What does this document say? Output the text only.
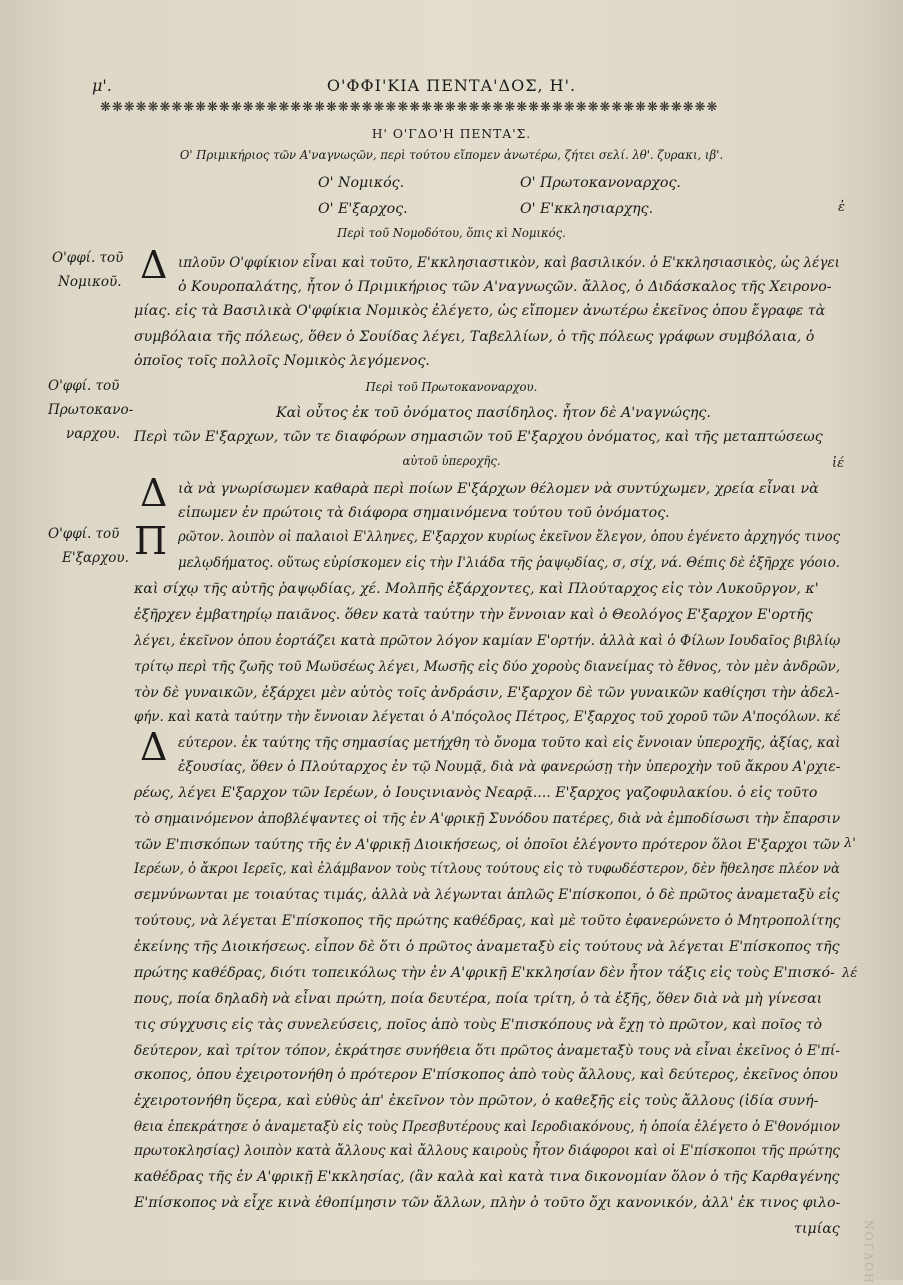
μ'.	Ο'ΦΦΙ'ΚΙΑ ΠΕΝΤΑ'ΔΟΣ, Η'.
❋❋❋❋❋❋❋❋❋❋❋❋❋❋❋❋❋❋❋❋❋❋❋❋❋❋❋❋❋❋❋❋❋❋❋❋❋❋❋❋❋❋❋❋❋❋❋❋❋❋❋❋
Η' Ο'ΓΔΟ'Η ΠΕΝΤΑ'Σ.
Ο' Πριμικήριος τῶν Α'ναγνωςῶν, περὶ τούτου εἴπομεν ἀνωτέρω, ζήτει σελί. λθ'. ζυρακι, ιβ'.
Ο' Νομικός.	Ο' Πρωτοκανοναρχος.
Ο' Ε'ξαρχος.	Ο' Ε'κκλησιαρχης.	ἐ
Περὶ τοῦ Νομοδότου, ὅπις κὶ Νομικός.
Ο'φφί. τοῦ
Νομικοῦ. Δ ιπλοῦν Ο'φφίκιον εἶναι καὶ τοῦτο, Ε'κκλησιαστικὸν, καὶ βασιλικόν. ὁ Ε'κκλησιασικὸς, ὡς λέγει
ὁ Κουροπαλάτης, ἦτον ὁ Πριμικήριος τῶν Α'ναγνωςῶν. ἄλλος, ὁ Διδάσκαλος τῆς Χειρονο-
μίας. εἰς τὰ Βασιλικὰ Ο'φφίκια Νομικὸς ἐλέγετο, ὡς εἴπομεν ἀνωτέρω ἐκεῖνος ὁπου ἔγραφε τὰ
συμβόλαια τῆς πόλεως, ὅθεν ὁ Σουίδας λέγει, Ταβελλίων, ὁ τῆς πόλεως γράφων συμβόλαια, ὁ
ὁποῖος τοῖς πολλοῖς Νομικὸς λεγόμενος.
Ο'φφί. τοῦ
Πρωτοκανο-
ναρχου.
Περὶ τοῦ Πρωτοκανοναρχου.
Καὶ οὗτος ἐκ τοῦ ὀνόματος πασίδηλος. ἦτον δὲ Α'ναγνώςης.
Περὶ τῶν Ε'ξαρχων, τῶν τε διαφόρων σημασιῶν τοῦ Ε'ξαρχου ὀνόματος, καὶ τῆς μεταπτώσεως
αὐτοῦ ὑπεροχῆς.	ἰέ
Δ ιὰ νὰ γνωρίσωμεν καθαρὰ περὶ ποίων Ε'ξάρχων θέλομεν νὰ συντύχωμεν, χρεία εἶναι νὰ
εἰπωμεν ἐν πρώτοις τὰ διάφορα σημαινόμενα τούτου τοῦ ὀνόματος.
Ο'φφί. τοῦ
Ε'ξαρχου. Π ρῶτον. λοιπὸν οἱ παλαιοὶ Ε'λληνες, Ε'ξαρχον κυρίως ἐκεῖνον ἔλεγον, ὁπου ἐγένετο ἀρχηγός τινος
μελῳδήματος. οὕτως εὑρίσκομεν εἰς τὴν Ι'λιάδα τῆς ῥαψῳδίας, σ, σίχ, νά. Θέπις δὲ ἐξῆρχε γόοιο.
καὶ σίχῳ τῆς αὐτῆς ῥαψῳδίας, χέ. Μολπῆς ἐξάρχοντες, καὶ Πλούταρχος εἰς τὸν Λυκοῦργον, κ'
ἐξῆρχεν ἐμβατηρίῳ παιᾶνος. ὅθεν κατὰ ταύτην τὴν ἔννοιαν καὶ ὁ Θεολόγος Ε'ξαρχον Ε'ορτῆς
λέγει, ἐκεῖνον ὁπου ἑορτάζει κατὰ πρῶτον λόγον καμίαν Ε'ορτήν. ἀλλὰ καὶ ὁ Φίλων Ιουδαῖος βιβλίῳ
τρίτῳ περὶ τῆς ζωῆς τοῦ Μωϋσέως λέγει, Μωσῆς εἰς δύο χοροὺς διανείμας τὸ ἔθνος, τὸν μὲν ἀνδρῶν,
τὸν δὲ γυναικῶν, ἐξάρχει μὲν αὐτὸς τοῖς ἀνδράσιν, Ε'ξαρχον δὲ τῶν γυναικῶν καθίςησι τὴν ἀδελ-
φήν. καὶ κατὰ ταύτην τὴν ἔννοιαν λέγεται ὁ Α'πόςολος Πέτρος, Ε'ξαρχος τοῦ χοροῦ τῶν Α'ποςόλων. κέ
Δ εύτερον. ἐκ ταύτης τῆς σημασίας μετήχθη τὸ ὄνομα τοῦτο καὶ εἰς ἔννοιαν ὑπεροχῆς, ἀξίας, καὶ
ἐξουσίας, ὅθεν ὁ Πλούταρχος ἐν τῷ Νουμᾷ, διὰ νὰ φανερώσῃ τὴν ὑπεροχὴν τοῦ ἄκρου Α'ρχιε-
ρέως, λέγει Ε'ξαρχον τῶν Ιερέων, ὁ Ιουςινιανὸς Νεαρᾷ.... Ε'ξαρχος γαζοφυλακίου. ὁ εἰς τοῦτο
τὸ σημαινόμενον ἀποβλέψαντες οἱ τῆς ἐν Α'φρικῇ Συνόδου πατέρες, διὰ νὰ ἐμποδίσωσι τὴν ἔπαρσιν
τῶν Ε'πισκόπων ταύτης τῆς ἐν Α'φρικῇ Διοικήσεως, οἱ ὁποῖοι ἐλέγοντο πρότερον ὅλοι Ε'ξαρχοι τῶν λ'
Ιερέων, ὁ ἄκροι Ιερεῖς, καὶ ἐλάμβανον τοὺς τίτλους τούτους εἰς τὸ τυφωδέστερον, δὲν ἤθελησε πλέον νὰ
σεμνύνωνται με τοιαύτας τιμάς, ἀλλὰ νὰ λέγωνται ἁπλῶς Ε'πίσκοποι, ὁ δὲ πρῶτος ἀναμεταξὺ εἰς
τούτους, νὰ λέγεται Ε'πίσκοπος τῆς πρώτης καθέδρας, καὶ μὲ τοῦτο ἐφανερώνετο ὁ Μητροπολίτης
ἐκείνης τῆς Διοικήσεως. εἶπον δὲ ὅτι ὁ πρῶτος ἀναμεταξὺ εἰς τούτους νὰ λέγεται Ε'πίσκοπος τῆς
πρώτης καθέδρας, διότι τοπεικόλως τὴν ἐν Α'φρικῇ Ε'κκλησίαν δὲν ἦτον τάξις εἰς τοὺς Ε'πισκό- λέ
πους, ποία δηλαδὴ νὰ εἶναι πρώτη, ποία δευτέρα, ποία τρίτη, ὁ τὰ ἑξῆς, ὅθεν διὰ νὰ μὴ γίνεσαι
τις σύγχυσις εἰς τὰς συνελεύσεις, ποῖος ἀπὸ τοὺς Ε'πισκόπους νὰ ἔχῃ τὸ πρῶτον, καὶ ποῖος τὸ
δεύτερον, καὶ τρίτον τόπον, ἐκράτησε συνήθεια ὅτι πρῶτος ἀναμεταξὺ τους νὰ εἶναι ἐκεῖνος ὁ Ε'πί-
σκοπος, ὁπου ἐχειροτονήθη ὁ πρότερον Ε'πίσκοπος ἀπὸ τοὺς ἄλλους, καὶ δεύτερος, ἐκεῖνος ὁπου
ἐχειροτονήθη ὕςερα, καὶ εὐθὺς ἀπ' ἐκεῖνον τὸν πρῶτον, ὁ καθεξῆς εἰς τοὺς ἄλλους (ἰδία συνή-
θεια ἐπεκράτησε ὁ ἀναμεταξὺ εἰς τοὺς Πρεσβυτέρους καὶ Ιεροδιακόνους, ἡ ὁποία ἐλέγετο ὁ Ε'θονόμιον
πρωτοκλησίας) λοιπὸν κατὰ ἄλλους καὶ ἄλλους καιροὺς ἦτον διάφοροι καὶ οἱ Ε'πίσκοποι τῆς πρώτης
καθέδρας τῆς ἐν Α'φρικῇ Ε'κκλησίας, (ἂν καλὰ καὶ κατὰ τινα δικονομίαν ὅλον ὁ τῆς Καρθαγένης
Ε'πίσκοπος νὰ εἶχε κινὰ ἐθοπίμησιν τῶν ἄλλων, πλὴν ὁ τοῦτο ὄχι κανονικόν, ἀλλ' ἐκ τινος φιλο-
τιμίας ΝΟΓΔΟΗ
